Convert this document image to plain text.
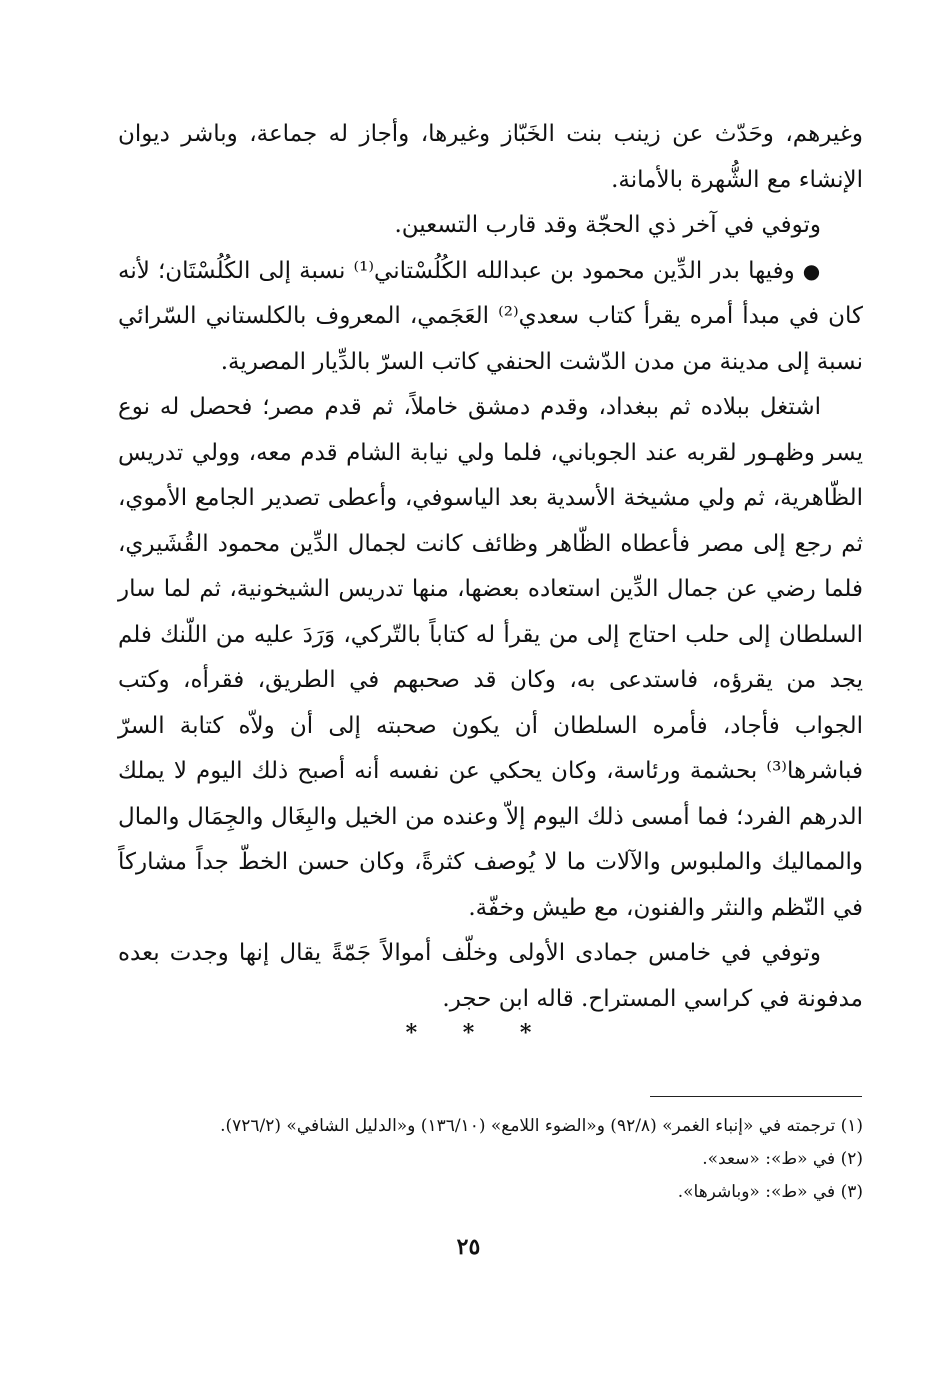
وغيرهم، وحَدّث عن زينب بنت الخَبّاز وغيرها، وأجاز له جماعة، وباشر ديوان الإنشاء مع الشُّهرة بالأمانة.

وتوفي في آخر ذي الحجّة وقد قارب التسعين.

●وفيها بدر الدِّين محمود بن عبدالله الكُلُسْتاني⁽¹⁾ نسبة إلى الكُلُسْتَان؛ لأنه كان في مبدأ أمره يقرأ كتاب سعدي⁽²⁾ العَجَمي، المعروف بالكلستاني السّرائي نسبة إلى مدينة من مدن الدّشت الحنفي كاتب السرّ بالدِّيار المصرية.

اشتغل ببلاده ثم ببغداد، وقدم دمشق خاملاً، ثم قدم مصر؛ فحصل له نوع يسر وظهـور لقربه عند الجوباني، فلما ولي نيابة الشام قدم معه، وولي تدريس الظّاهرية، ثم ولي مشيخة الأسدية بعد الياسوفي، وأعطى تصدير الجامع الأموي، ثم رجع إلى مصر فأعطاه الظّاهر وظائف كانت لجمال الدِّين محمود القُشَيري، فلما رضي عن جمال الدِّين استعاده بعضها، منها تدريس الشيخونية، ثم لما سار السلطان إلى حلب احتاج إلى من يقرأ له كتاباً بالتّركي، وَرَدَ عليه من اللّنك فلم يجد من يقرؤه، فاستدعى به، وكان قد صحبهم في الطريق، فقرأه، وكتب الجواب فأجاد، فأمره السلطان أن يكون صحبته إلى أن ولاّه كتابة السرّ فباشرها⁽³⁾ بحشمة ورئاسة، وكان يحكي عن نفسه أنه أصبح ذلك اليوم لا يملك الدرهم الفرد؛ فما أمسى ذلك اليوم إلاّ وعنده من الخيل والبِغَال والجِمَال والمال والمماليك والملبوس والآلات ما لا يُوصف كثرةً، وكان حسن الخطّ جداً مشاركاً في النّظم والنثر والفنون، مع طيش وخفّة.

وتوفي في خامس جمادى الأولى وخلّف أموالاً جَمّةً يقال إنها وجدت بعده مدفونة في كراسي المستراح. قاله ابن حجر.

* * *
(١) ترجمته في «إنباء الغمر» (٩٢/٨) و«الضوء اللامع» (١٣٦/١٠) و«الدليل الشافي» (٧٢٦/٢).
(٢) في «ط»: «سعد».
(٣) في «ط»: «وباشرها».
٢٥
